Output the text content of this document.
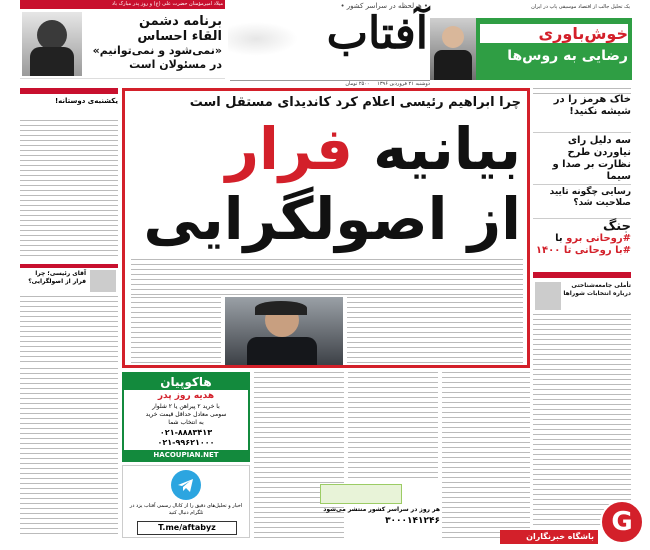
میلاد امیرمؤمنان حضرت علی (ع) و روز پدر مبارک باد
برنامه دشمن
القاء احساس
«نمی‌شود و نمی‌توانیم»
در مسئولان است
• هرلحظه در سراسر کشور •
آفتاب
یک تحلیل جالب از اقتصاد موسیقی پاپ در ایران
خوش‌باوری
رضایی به روس‌ها
دوشنبه ۲۱ فروردین ۱۳۹۶ ۲۵۰۰ تومان
خاک هرمز را در شیشه نکنید!
سه دلیل رای نیاوردن طرح نظارت بر صدا و سیما
رسایی چگونه تایید صلاحیت شد؟
جنگ
#روحانی برو با
#با روحانی تا ۱۴۰۰
تأملی جامعه‌شناختی درباره انتخابات شوراها
یکشنبه‌ی دوستانه!
آقای رئیسی؛ چرا فرار از اصولگرایی؟
چرا ابراهیم رئیسی اعلام کرد کاندیدای مستقل است
بیانیه فرار
از اصولگرایی
هاکوپیان
هدیه روز پدر
با خرید ۲ پیراهن یا ۲ شلوار
سومی معادل حداقل قیمت خرید
به انتخاب شما
۰۲۱-۸۸۸۳۴۱۳
۰۲۱-۹۹۶۲۱۰۰۰
HACOUPIAN.NET
اخبار و تحلیل‌های دقیق را از کانال رسمی آفتاب یزد در تلگرام دنبال کنید
T.me/aftabyz
هر روز در سراسر کشور منتشر می‌شود
۳۰۰۰۱۴۱۲۴۶	G
باشگاه خبرنگاران
